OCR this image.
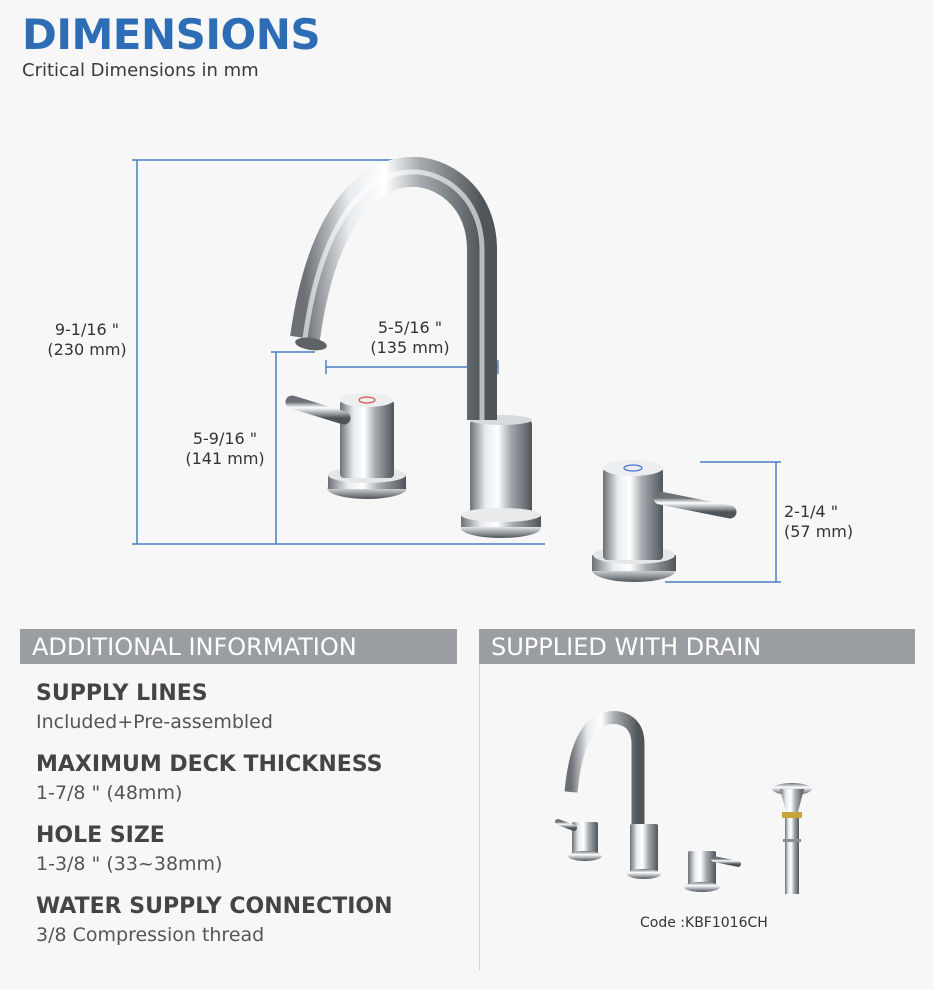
DIMENSIONS
Critical Dimensions in mm
9-1/16 "
(230 mm)
5-5/16 "
(135 mm)
5-9/16 "
(141 mm)
2-1/4 "
(57 mm)
ADDITIONAL INFORMATION	SUPPLIED WITH DRAIN
SUPPLY LINES
Included+Pre-assembled
MAXIMUM DECK THICKNESS
1-7/8 " (48mm)
HOLE SIZE
1-3/8 " (33~38mm)
WATER SUPPLY CONNECTION
3/8 Compression thread
Code :KBF1016CH
